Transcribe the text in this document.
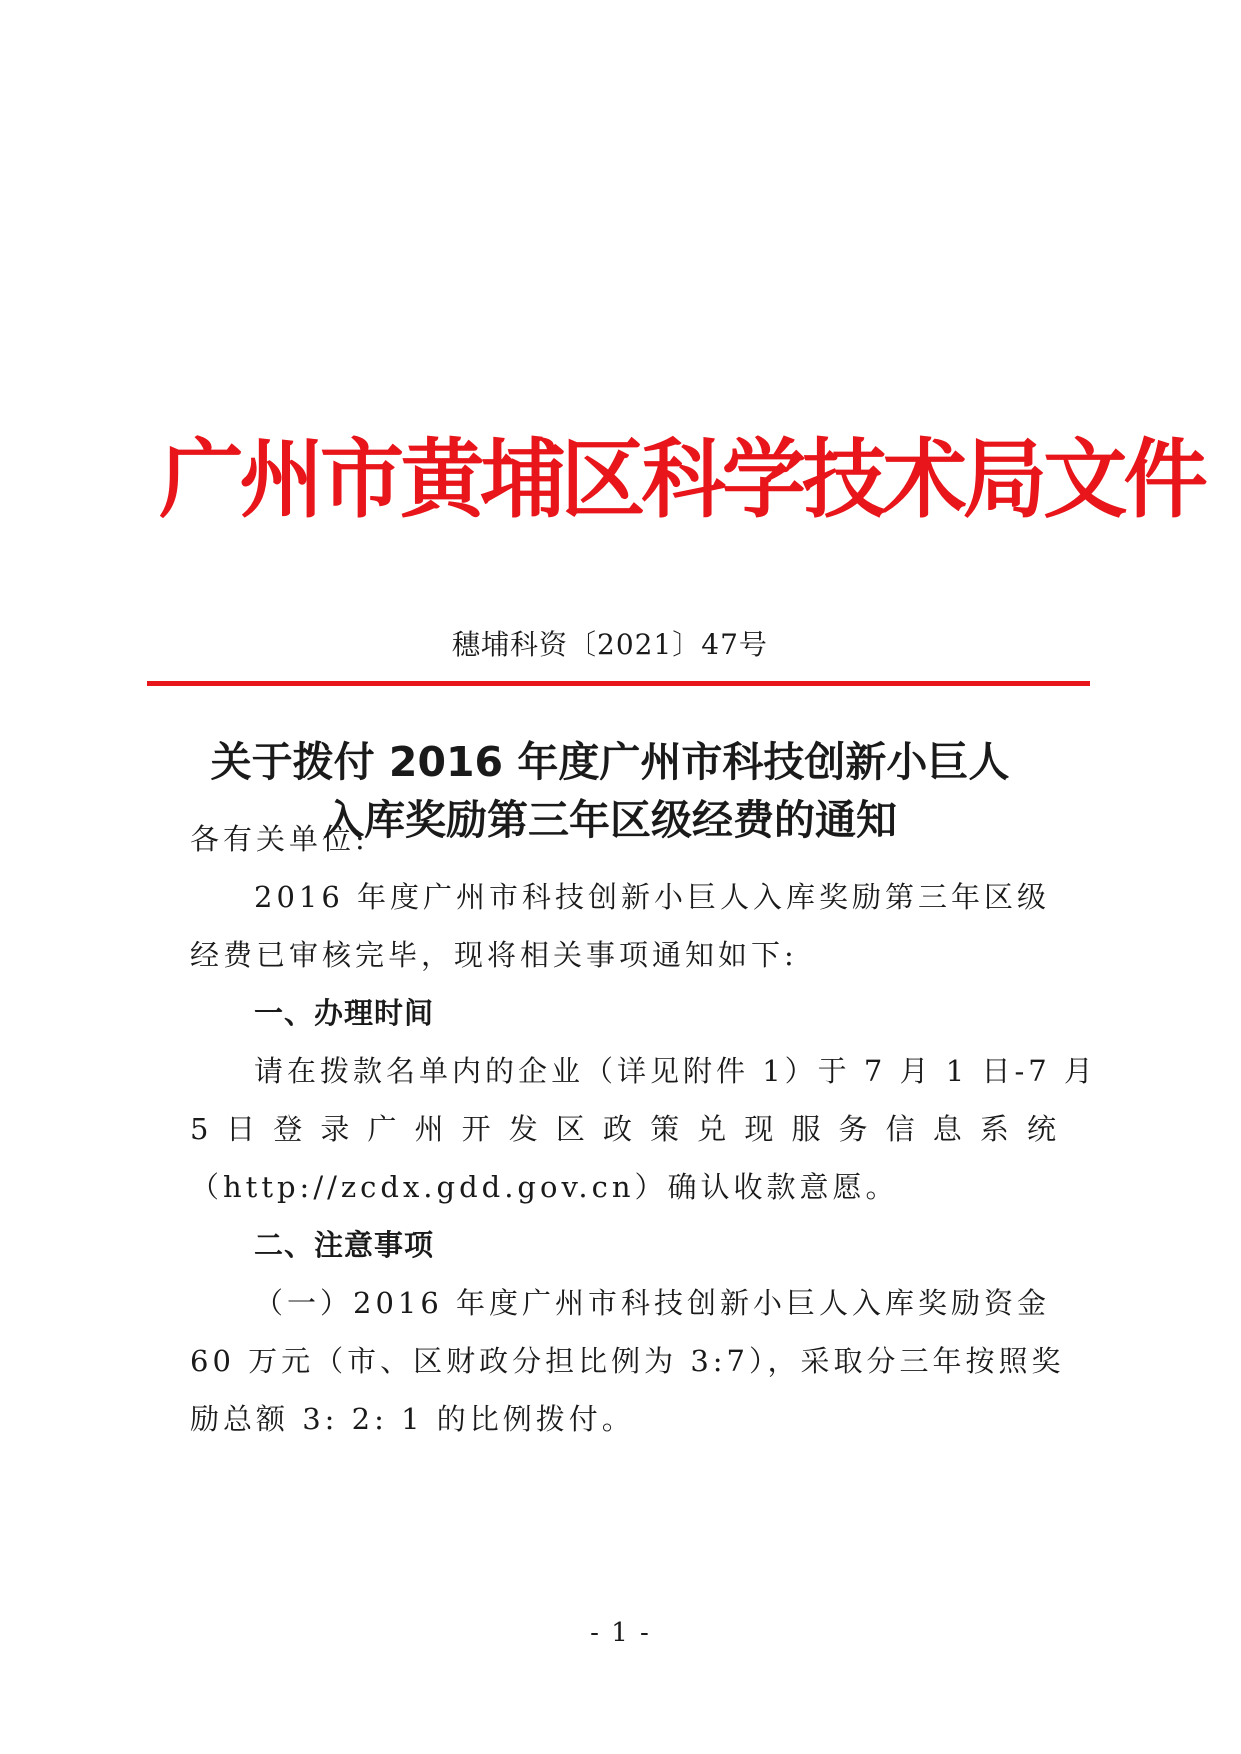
广州市黄埔区科学技术局文件
穗埔科资〔2021〕47号
关于拨付 2016 年度广州市科技创新小巨人
入库奖励第三年区级经费的通知
各有关单位:
2016 年度广州市科技创新小巨人入库奖励第三年区级
经费已审核完毕，现将相关事项通知如下:
一、办理时间
请在拨款名单内的企业（详见附件 1）于 7 月 1 日-7 月
5 日 登 录 广 州 开 发 区 政 策 兑 现 服 务 信 息 系 统
（http://zcdx.gdd.gov.cn）确认收款意愿。
二、注意事项
（一）2016 年度广州市科技创新小巨人入库奖励资金
60 万元（市、区财政分担比例为 3:7），采取分三年按照奖
励总额 3: 2: 1 的比例拨付。
- 1 -
